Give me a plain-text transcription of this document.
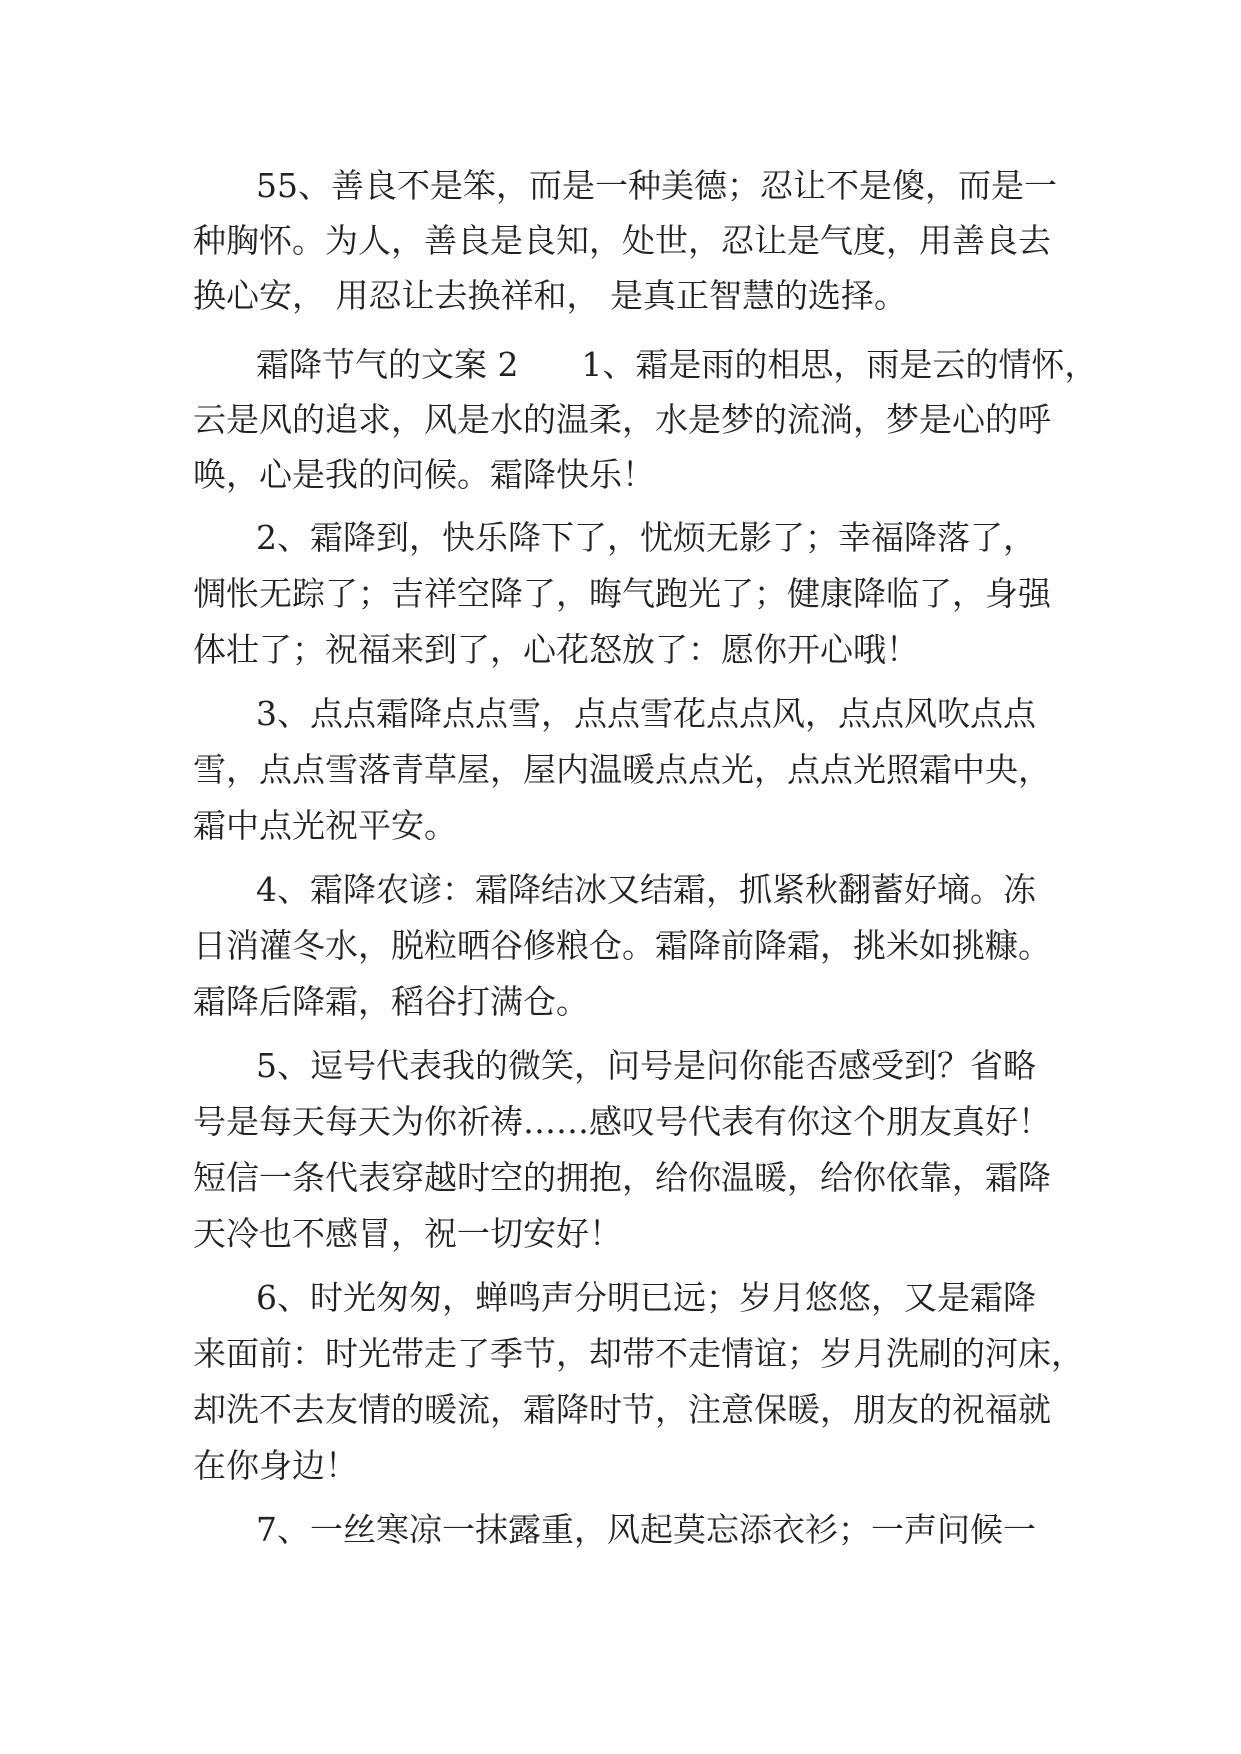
55、善良不是笨，而是一种美德；忍让不是傻，而是一
种胸怀。为人，善良是良知，处世，忍让是气度，用善良去
换心安， 用忍让去换祥和， 是真正智慧的选择。
霜降节气的文案 2      1、霜是雨的相思，雨是云的情怀，
云是风的追求，风是水的温柔，水是梦的流淌，梦是心的呼
唤，心是我的问候。霜降快乐！
2、霜降到，快乐降下了，忧烦无影了；幸福降落了，
惆怅无踪了；吉祥空降了，晦气跑光了；健康降临了，身强
体壮了；祝福来到了，心花怒放了：愿你开心哦！
3、点点霜降点点雪，点点雪花点点风，点点风吹点点
雪，点点雪落青草屋，屋内温暖点点光，点点光照霜中央，
霜中点光祝平安。
4、霜降农谚：霜降结冰又结霜，抓紧秋翻蓄好墒。冻
日消灌冬水，脱粒晒谷修粮仓。霜降前降霜，挑米如挑糠。
霜降后降霜，稻谷打满仓。
5、逗号代表我的微笑，问号是问你能否感受到？省略
号是每天每天为你祈祷……感叹号代表有你这个朋友真好！
短信一条代表穿越时空的拥抱，给你温暖，给你依靠，霜降
天冷也不感冒，祝一切安好！
6、时光匆匆，蝉鸣声分明已远；岁月悠悠，又是霜降
来面前：时光带走了季节，却带不走情谊；岁月洗刷的河床，
却洗不去友情的暖流，霜降时节，注意保暖，朋友的祝福就
在你身边！
7、一丝寒凉一抹露重，风起莫忘添衣衫；一声问候一
